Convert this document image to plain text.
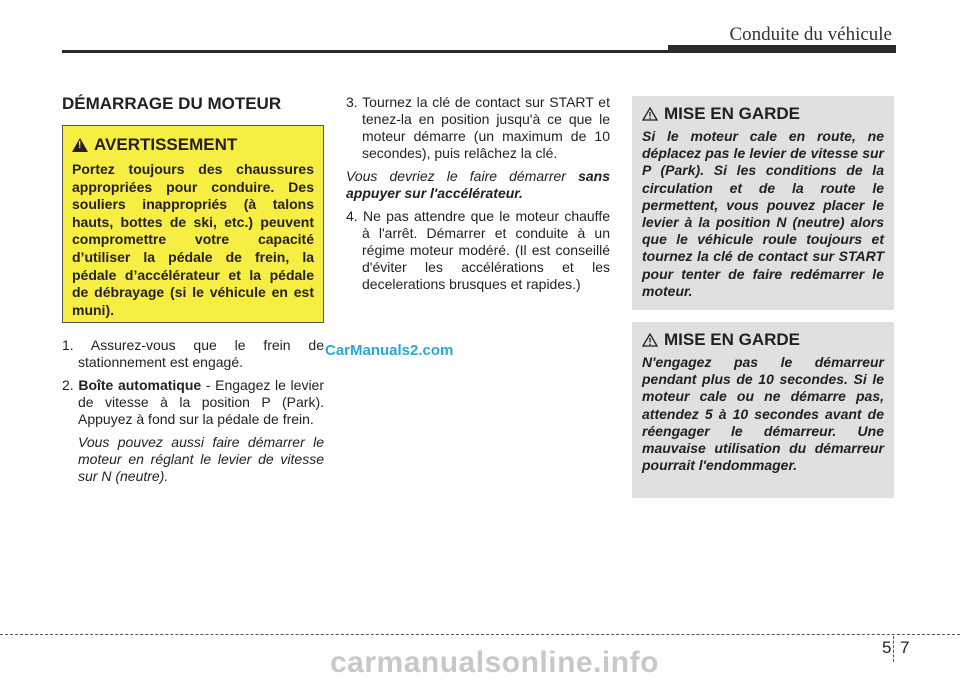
Conduite du véhicule
DÉMARRAGE DU MOTEUR
!
AVERTISSEMENT
Portez toujours des chaussures appropriées pour conduire. Des souliers inappropriés (à talons hauts, bottes de ski, etc.) peuvent compromettre votre capacité d’utiliser la pédale de frein, la pédale d’accélérateur et la pédale de débrayage (si le véhicule en est muni).

1. Assurez-vous que le frein de stationnement est engagé.

2. Boîte automatique - Engagez le levier de vitesse à la position P (Park). Appuyez à fond sur la pédale de frein.

Vous pouvez aussi faire démarrer le moteur en réglant le levier de vitesse sur N (neutre).

3. Tournez la clé de contact sur START et tenez-la en position jusqu'à ce que le moteur démarre (un maximum de 10 secondes), puis relâchez la clé.

Vous devriez le faire démarrer sans appuyer sur l'accélérateur.

4. Ne pas attendre que le moteur chauffe à l'arrêt. Démarrer et conduite à un régime moteur modéré. (Il est conseillé d'éviter les accélérations et les decelerations brusques et rapides.)

MISE EN GARDE
Si le moteur cale en route, ne déplacez pas le levier de vitesse sur P (Park). Si les conditions de la circulation et de la route le permettent, vous pouvez placer le levier à la position N (neutre) alors que le véhicule roule toujours et tournez la clé de contact sur START pour tenter de faire redémarrer le moteur.
MISE EN GARDE
N'engagez pas le démarreur pendant plus de 10 secondes. Si le moteur cale ou ne démarre pas, attendez 5 à 10 secondes avant de réengager le démarreur. Une mauvaise utilisation du démarreur pourrait l'endommager.
CarManuals2.com
5 7
carmanualsonline.info
